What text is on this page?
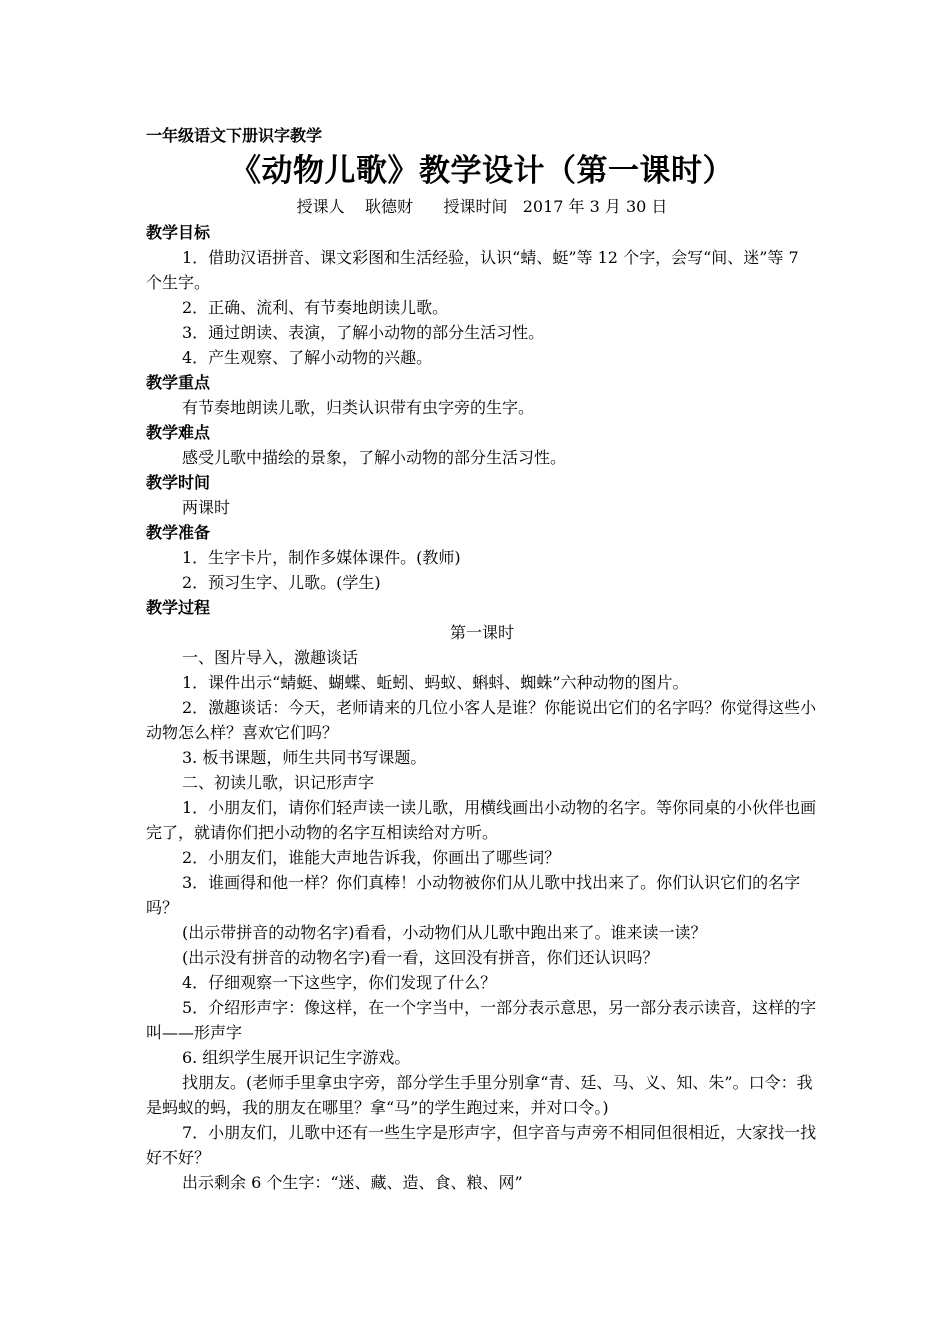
一年级语文下册识字教学
《动物儿歌》教学设计（第一课时）
授课人    耿德财      授课时间   2017 年 3 月 30 日
教学目标
1．借助汉语拼音、课文彩图和生活经验，认识“蜻、蜓”等 12 个字，会写“间、迷”等 7 个生字。
2．正确、流利、有节奏地朗读儿歌。
3．通过朗读、表演，了解小动物的部分生活习性。
4．产生观察、了解小动物的兴趣。
教学重点
有节奏地朗读儿歌，归类认识带有虫字旁的生字。
教学难点
感受儿歌中描绘的景象，了解小动物的部分生活习性。
教学时间
两课时
教学准备
1．生字卡片，制作多媒体课件。(教师)
2．预习生字、儿歌。(学生)
教学过程
第一课时
一、图片导入，激趣谈话
1．课件出示“蜻蜓、蝴蝶、蚯蚓、蚂蚁、蝌蚪、蜘蛛”六种动物的图片。
2．激趣谈话：今天，老师请来的几位小客人是谁？你能说出它们的名字吗？你觉得这些小动物怎么样？喜欢它们吗？
3. 板书课题，师生共同书写课题。
二、初读儿歌，识记形声字
1．小朋友们，请你们轻声读一读儿歌，用横线画出小动物的名字。等你同桌的小伙伴也画完了，就请你们把小动物的名字互相读给对方听。
2．小朋友们，谁能大声地告诉我，你画出了哪些词？
3．谁画得和他一样？你们真棒！小动物被你们从儿歌中找出来了。你们认识它们的名字吗？
(出示带拼音的动物名字)看看，小动物们从儿歌中跑出来了。谁来读一读？
(出示没有拼音的动物名字)看一看，这回没有拼音，你们还认识吗？
4．仔细观察一下这些字，你们发现了什么？
5．介绍形声字：像这样，在一个字当中，一部分表示意思，另一部分表示读音，这样的字叫——形声字
6. 组织学生展开识记生字游戏。
找朋友。(老师手里拿虫字旁，部分学生手里分别拿“青、廷、马、义、知、朱”。口令：我是蚂蚁的蚂，我的朋友在哪里？拿“马”的学生跑过来，并对口令。)
7．小朋友们，儿歌中还有一些生字是形声字，但字音与声旁不相同但很相近，大家找一找好不好？
出示剩余 6 个生字：“迷、藏、造、食、粮、网”
